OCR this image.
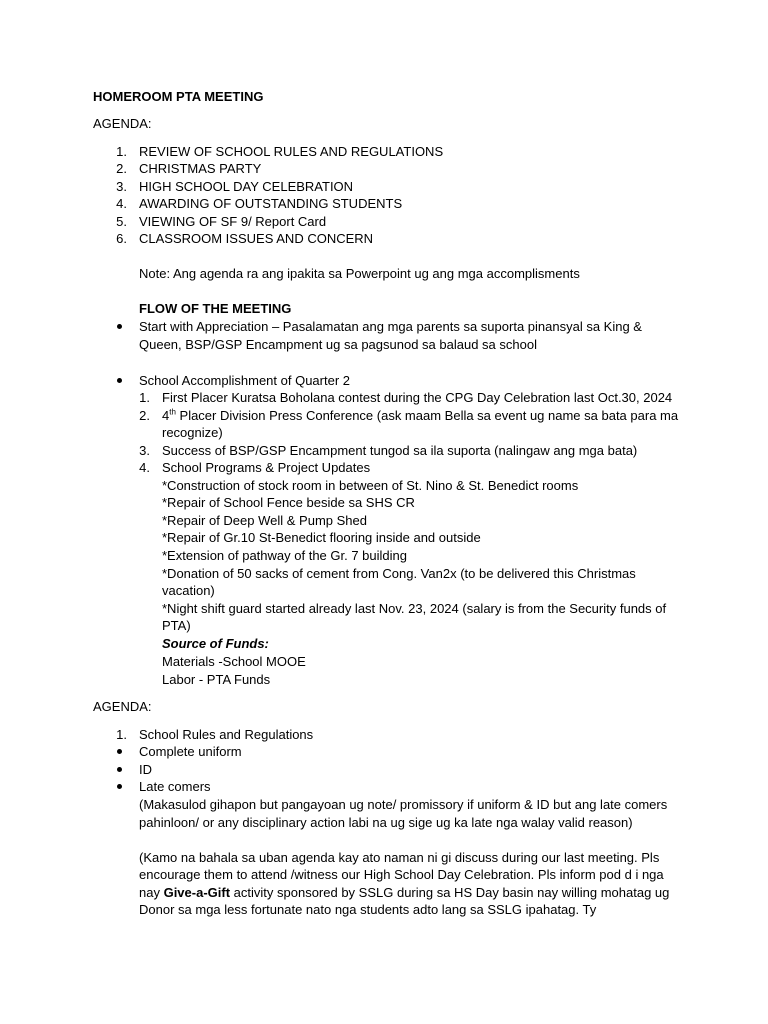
HOMEROOM PTA MEETING
AGENDA:
1. REVIEW OF SCHOOL RULES AND REGULATIONS
2. CHRISTMAS PARTY
3. HIGH SCHOOL DAY CELEBRATION
4. AWARDING OF OUTSTANDING STUDENTS
5. VIEWING OF SF 9/ Report Card
6. CLASSROOM ISSUES AND CONCERN
Note: Ang agenda ra ang ipakita sa Powerpoint ug ang mga accomplisments
FLOW OF THE MEETING
Start with Appreciation – Pasalamatan ang mga parents sa suporta pinansyal sa King &
Queen, BSP/GSP Encampment ug sa pagsunod sa balaud sa school
School Accomplishment of Quarter 2
1. First Placer Kuratsa Boholana contest during the CPG Day Celebration last Oct.30, 2024
2. 4th Placer Division Press Conference (ask maam Bella sa event ug name sa bata para ma
recognize)
3. Success of BSP/GSP Encampment tungod sa ila suporta (nalingaw ang mga bata)
4. School Programs & Project Updates
*Construction of stock room in between of St. Nino & St. Benedict rooms
*Repair of School Fence beside sa SHS CR
*Repair of Deep Well & Pump Shed
*Repair of Gr.10 St-Benedict flooring inside and outside
*Extension of pathway of the Gr. 7 building
*Donation of 50 sacks of cement from Cong. Van2x (to be delivered this Christmas
vacation)
*Night shift guard started already last Nov. 23, 2024 (salary is from the Security funds of
PTA)
Source of Funds:
Materials -School MOOE
Labor - PTA Funds
AGENDA:
1. School Rules and Regulations
Complete uniform
ID
Late comers
(Makasulod gihapon but pangayoan ug note/ promissory if uniform & ID but ang late comers
pahinloon/ or any disciplinary action labi na ug sige ug ka late nga walay valid reason)
(Kamo na bahala sa uban agenda kay ato naman ni gi discuss during our last meeting. Pls
encourage them to attend /witness our High School Day Celebration. Pls inform pod d i nga
nay Give-a-Gift activity sponsored by SSLG during sa HS Day basin nay willing mohatag ug
Donor sa mga less fortunate nato nga students adto lang sa SSLG ipahatag. Ty
